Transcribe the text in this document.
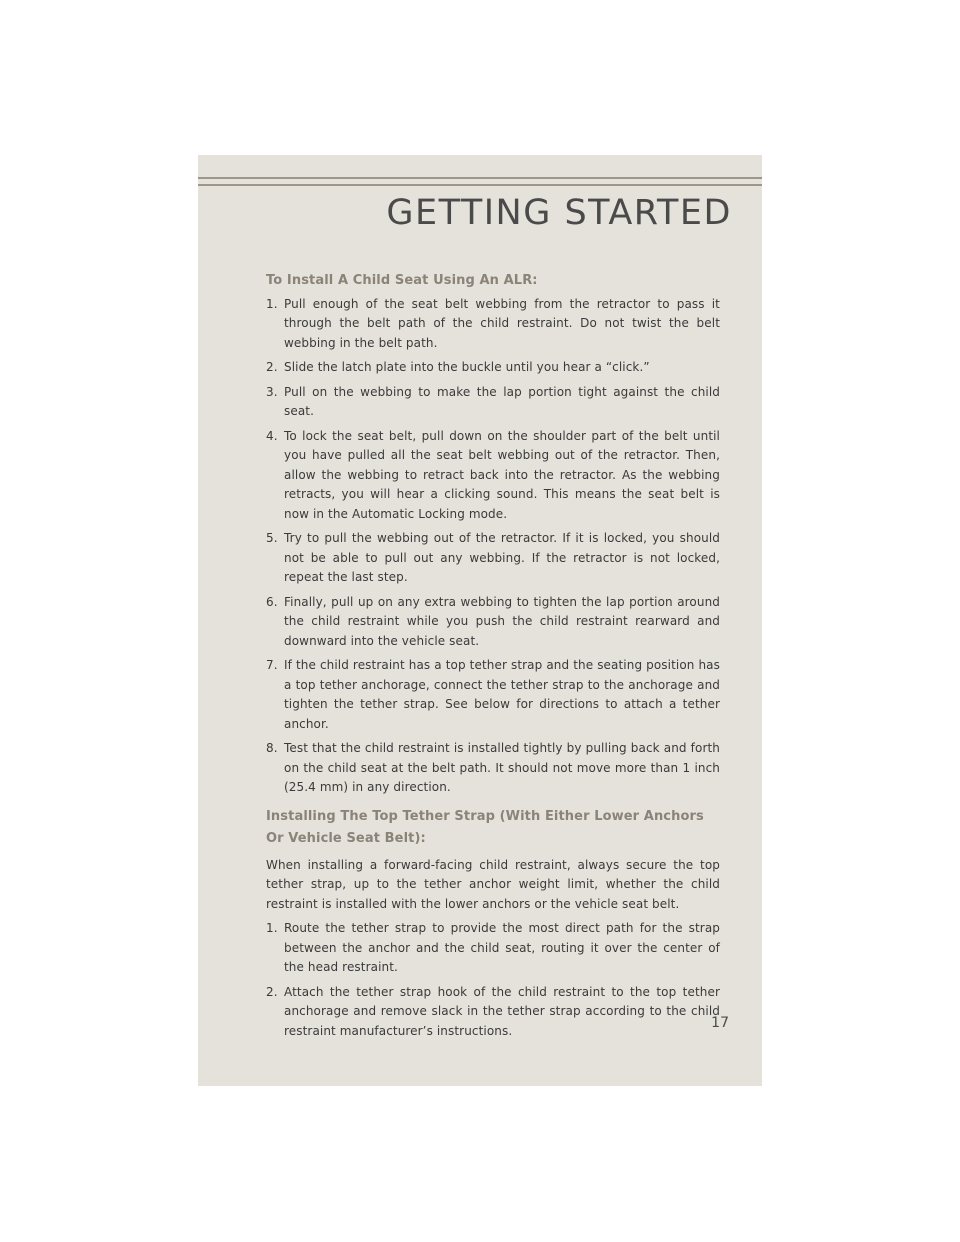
GETTING STARTED
To Install A Child Seat Using An ALR:
1. Pull enough of the seat belt webbing from the retractor to pass it through the belt path of the child restraint. Do not twist the belt webbing in the belt path.
2. Slide the latch plate into the buckle until you hear a “click.”
3. Pull on the webbing to make the lap portion tight against the child seat.
4. To lock the seat belt, pull down on the shoulder part of the belt until you have pulled all the seat belt webbing out of the retractor. Then, allow the webbing to retract back into the retractor. As the webbing retracts, you will hear a clicking sound. This means the seat belt is now in the Automatic Locking mode.
5. Try to pull the webbing out of the retractor. If it is locked, you should not be able to pull out any webbing. If the retractor is not locked, repeat the last step.
6. Finally, pull up on any extra webbing to tighten the lap portion around the child restraint while you push the child restraint rearward and downward into the vehicle seat.
7. If the child restraint has a top tether strap and the seating position has a top tether anchorage, connect the tether strap to the anchorage and tighten the tether strap. See below for directions to attach a tether anchor.
8. Test that the child restraint is installed tightly by pulling back and forth on the child seat at the belt path. It should not move more than 1 inch (25.4 mm) in any direction.
Installing The Top Tether Strap (With Either Lower Anchors Or Vehicle Seat Belt):

When installing a forward-facing child restraint, always secure the top tether strap, up to the tether anchor weight limit, whether the child restraint is installed with the lower anchors or the vehicle seat belt.

1. Route the tether strap to provide the most direct path for the strap between the anchor and the child seat, routing it over the center of the head restraint.
2. Attach the tether strap hook of the child restraint to the top tether anchorage and remove slack in the tether strap according to the child restraint manufacturer’s instructions.	17
